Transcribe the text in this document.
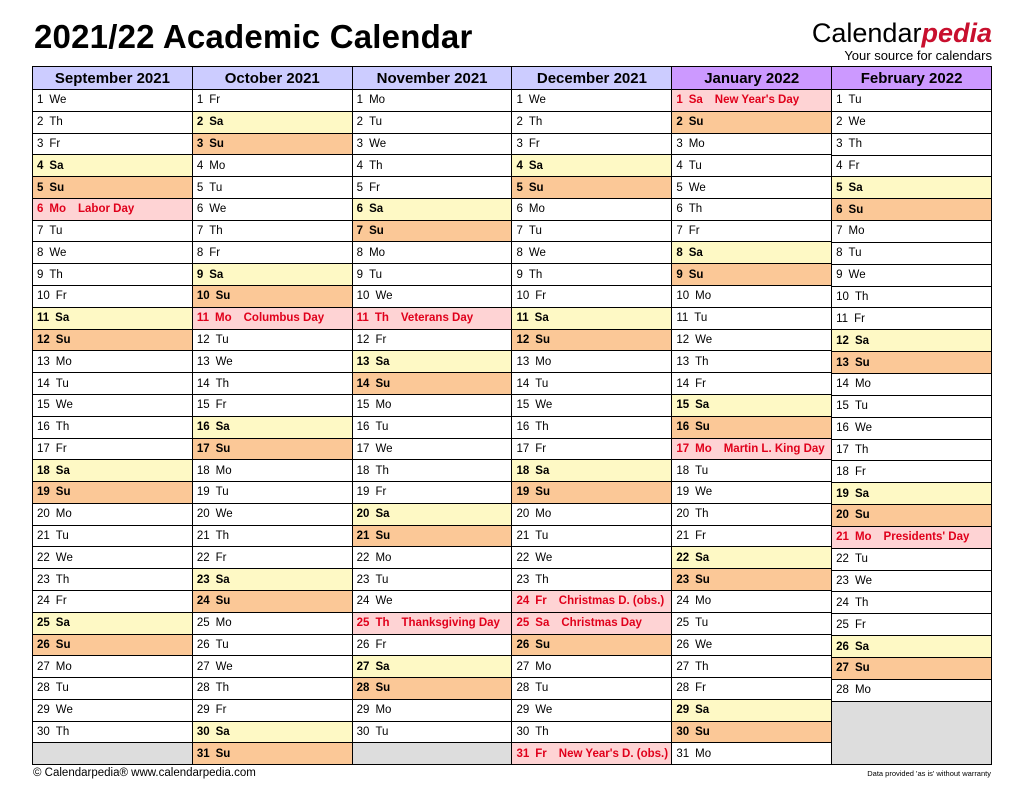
2021/22 Academic Calendar	Calendarpedia
Your source for calendars
September 2021
1 We
2 Th
3 Fr
4 Sa
5 Su
6 Mo Labor Day
7 Tu
8 We
9 Th
10 Fr
11 Sa
12 Su
13 Mo
14 Tu
15 We
16 Th
17 Fr
18 Sa
19 Su
20 Mo
21 Tu
22 We
23 Th
24 Fr
25 Sa
26 Su
27 Mo
28 Tu
29 We
30 Th
October 2021
1 Fr
2 Sa
3 Su
4 Mo
5 Tu
6 We
7 Th
8 Fr
9 Sa
10 Su
11 Mo Columbus Day
12 Tu
13 We
14 Th
15 Fr
16 Sa
17 Su
18 Mo
19 Tu
20 We
21 Th
22 Fr
23 Sa
24 Su
25 Mo
26 Tu
27 We
28 Th
29 Fr
30 Sa
31 Su
November 2021
1 Mo
2 Tu
3 We
4 Th
5 Fr
6 Sa
7 Su
8 Mo
9 Tu
10 We
11 Th Veterans Day
12 Fr
13 Sa
14 Su
15 Mo
16 Tu
17 We
18 Th
19 Fr
20 Sa
21 Su
22 Mo
23 Tu
24 We
25 Th Thanksgiving Day
26 Fr
27 Sa
28 Su
29 Mo
30 Tu
December 2021
1 We
2 Th
3 Fr
4 Sa
5 Su
6 Mo
7 Tu
8 We
9 Th
10 Fr
11 Sa
12 Su
13 Mo
14 Tu
15 We
16 Th
17 Fr
18 Sa
19 Su
20 Mo
21 Tu
22 We
23 Th
24 Fr Christmas D. (obs.)
25 Sa Christmas Day
26 Su
27 Mo
28 Tu
29 We
30 Th
31 Fr New Year's D. (obs.)
January 2022
1 Sa New Year's Day
2 Su
3 Mo
4 Tu
5 We
6 Th
7 Fr
8 Sa
9 Su
10 Mo
11 Tu
12 We
13 Th
14 Fr
15 Sa
16 Su
17 Mo Martin L. King Day
18 Tu
19 We
20 Th
21 Fr
22 Sa
23 Su
24 Mo
25 Tu
26 We
27 Th
28 Fr
29 Sa
30 Su
31 Mo
February 2022
1 Tu
2 We
3 Th
4 Fr
5 Sa
6 Su
7 Mo
8 Tu
9 We
10 Th
11 Fr
12 Sa
13 Su
14 Mo
15 Tu
16 We
17 Th
18 Fr
19 Sa
20 Su
21 Mo Presidents' Day
22 Tu
23 We
24 Th
25 Fr
26 Sa
27 Su
28 Mo
© Calendarpedia® www.calendarpedia.com	Data provided 'as is' without warranty
